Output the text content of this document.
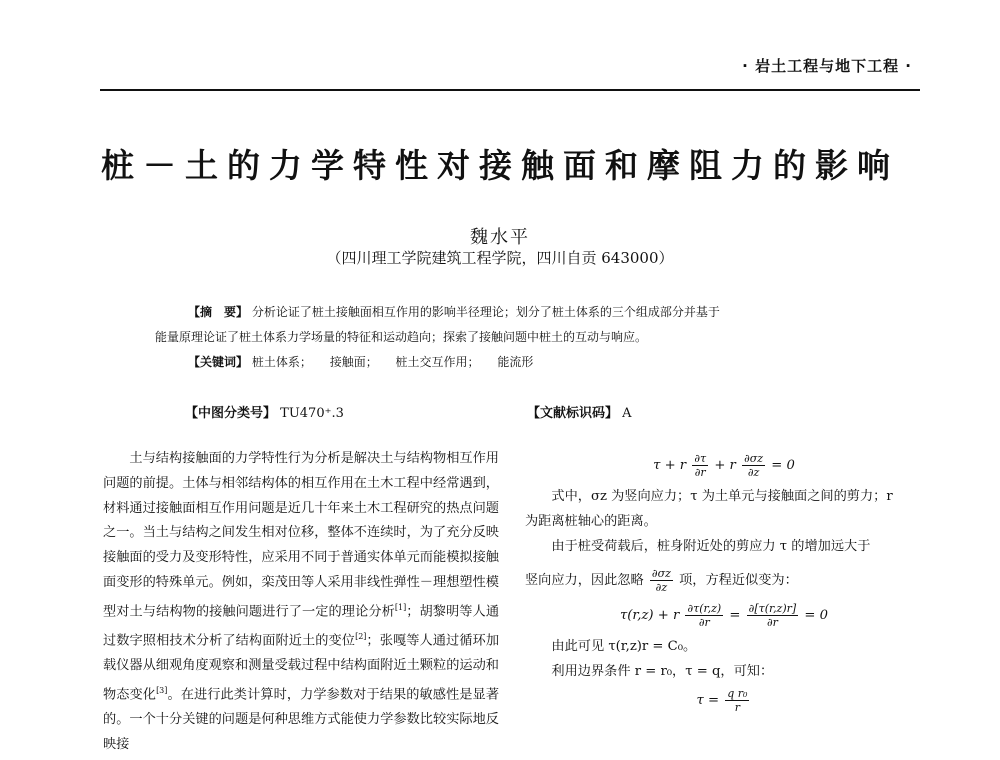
· 岩土工程与地下工程 ·
桩－土的力学特性对接触面和摩阻力的影响
魏水平
（四川理工学院建筑工程学院，四川自贡 643000）
【摘　要】 分析论证了桩土接触面相互作用的影响半径理论；划分了桩土体系的三个组成部分并基于
能量原理论证了桩土体系力学场量的特征和运动趋向；探索了接触问题中桩土的互动与响应。
【关键词】 桩土体系； 接触面； 桩土交互作用； 能流形
【中图分类号】 TU470⁺.3	【文献标识码】 A

土与结构接触面的力学特性行为分析是解决土与结构物相互作用问题的前提。土体与相邻结构体的相互作用在土木工程中经常遇到，材料通过接触面相互作用问题是近几十年来土木工程研究的热点问题之一。当土与结构之间发生相对位移，整体不连续时，为了充分反映接触面的受力及变形特性，应采用不同于普通实体单元而能模拟接触面变形的特殊单元。例如，栾茂田等人采用非线性弹性－理想塑性模型对土与结构物的接触问题进行了一定的理论分析[1]；胡黎明等人通过数字照相技术分析了结构面附近土的变位[2]；张嘎等人通过循环加载仪器从细观角度观察和测量受载过程中结构面附近土颗粒的运动和物态变化[3]。在进行此类计算时，力学参数对于结果的敏感性是显著的。一个十分关键的问题是何种思维方式能使力学参数比较实际地反映接

τ + r $\frac{\partial\tau}{\partial r} + r \frac{\partial\sigma z}{\partial z} = 0$

式中，σz 为竖向应力；τ 为土单元与接触面之间的剪力；r

为距离桩轴心的距离。

由于桩受荷载后，桩身附近处的剪应力 τ 的增加远大于

竖向应力，因此忽略 $\frac{\partial\sigma z}{\partial z}$ 项，方程近似变为：

τ(r,z) + r $\frac{\partial\tau(r,z)}{\partial r} = \frac{\partial[\tau(r,z)r]}{\partial r} = 0$

由此可见 τ(r,z)r = C₀。

利用边界条件 r = r₀，τ = q，可知：

$\tau = \frac{\text{q r₀}}{r}$
